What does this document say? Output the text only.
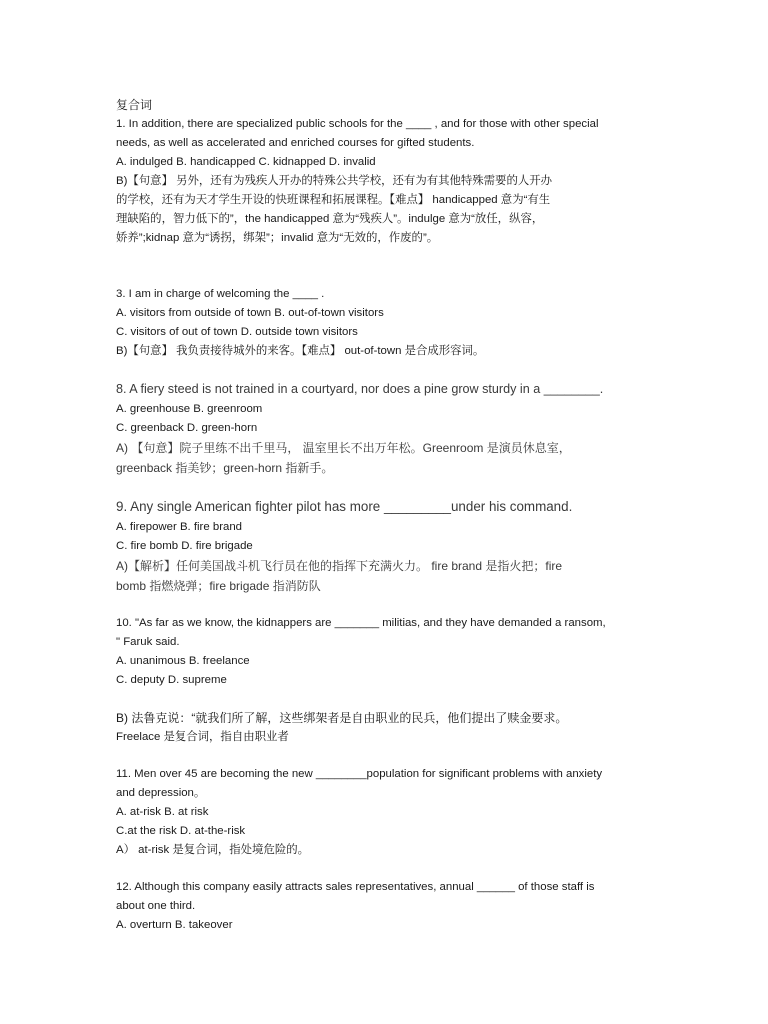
复合词

1. In addition, there are specialized public schools for the ____ , and for those with other special

needs, as well as accelerated and enriched courses for gifted students.

A. indulged B. handicapped C. kidnapped D. invalid

B)【句意】 另外，还有为残疾人开办的特殊公共学校，还有为有其他特殊需要的人开办

的学校，还有为天才学生开设的快班课程和拓展课程。【难点】 handicapped 意为“有生

理缺陷的，智力低下的”，the handicapped 意为“残疾人”。indulge 意为“放任，纵容，

娇养”;kidnap 意为“诱拐，绑架”；invalid 意为“无效的，作废的”。

3. I am in charge of welcoming the ____ .

A. visitors from outside of town B. out-of-town visitors

C. visitors of out of town D. outside town visitors

B)【句意】 我负责接待城外的来客。【难点】 out-of-town 是合成形容词。

8. A fiery steed is not trained in a courtyard, nor does a pine grow sturdy in a ________.

A. greenhouse B. greenroom

C. greenback D. green-horn

A) 【句意】院子里练不出千里马， 温室里长不出万年松。Greenroom 是演员休息室，

greenback 指美钞；green-horn 指新手。

9. Any single American fighter pilot has more _________under his command.

A. firepower B. fire brand

C. fire bomb D. fire brigade

A)【解析】任何美国战斗机飞行员在他的指挥下充满火力。 fire brand 是指火把；fire

bomb 指燃烧弹；fire brigade 指消防队

10. "As far as we know, the kidnappers are _______ militias, and they have demanded a ransom,

" Faruk said.

A. unanimous B. freelance

C. deputy D. supreme

B) 法鲁克说：“就我们所了解，这些绑架者是自由职业的民兵，他们提出了赎金要求。

Freelace 是复合词，指自由职业者

11. Men over 45 are becoming the new ________population for significant problems with anxiety

and depression。

A. at-risk B. at risk

C.at the risk D. at-the-risk

A） at-risk 是复合词，指处境危险的。

12. Although this company easily attracts sales representatives, annual ______ of those staff is

about one third.

A. overturn B. takeover
